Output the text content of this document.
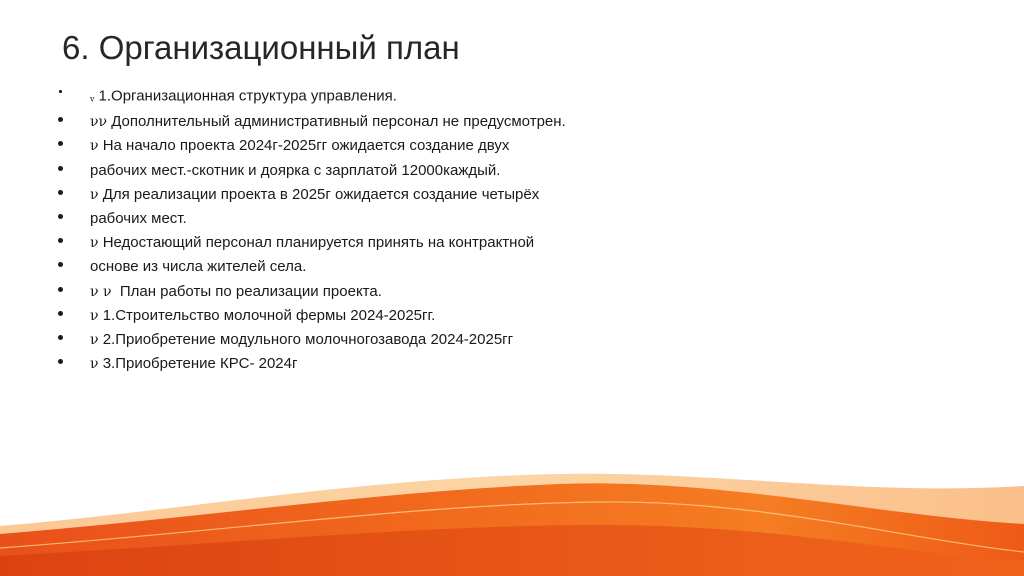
6. Организационный план
v 1.Организационная структура управления.
νν Дополнительный административный персонал не предусмотрен.
ν На начало проекта 2024г-2025гг ожидается создание двух
рабочих мест.-скотник и доярка с зарплатой 12000каждый.
ν Для реализации проекта в 2025г ожидается создание четырёх
рабочих мест.
ν Недостающий персонал планируется принять на контрактной
основе из числа жителей села.
ν ν План работы по реализации проекта.
ν 1.Строительство молочной фермы 2024-2025гг.
ν 2.Приобретение модульного молочногозавода 2024-2025гг
ν 3.Приобретение КРС- 2024г
